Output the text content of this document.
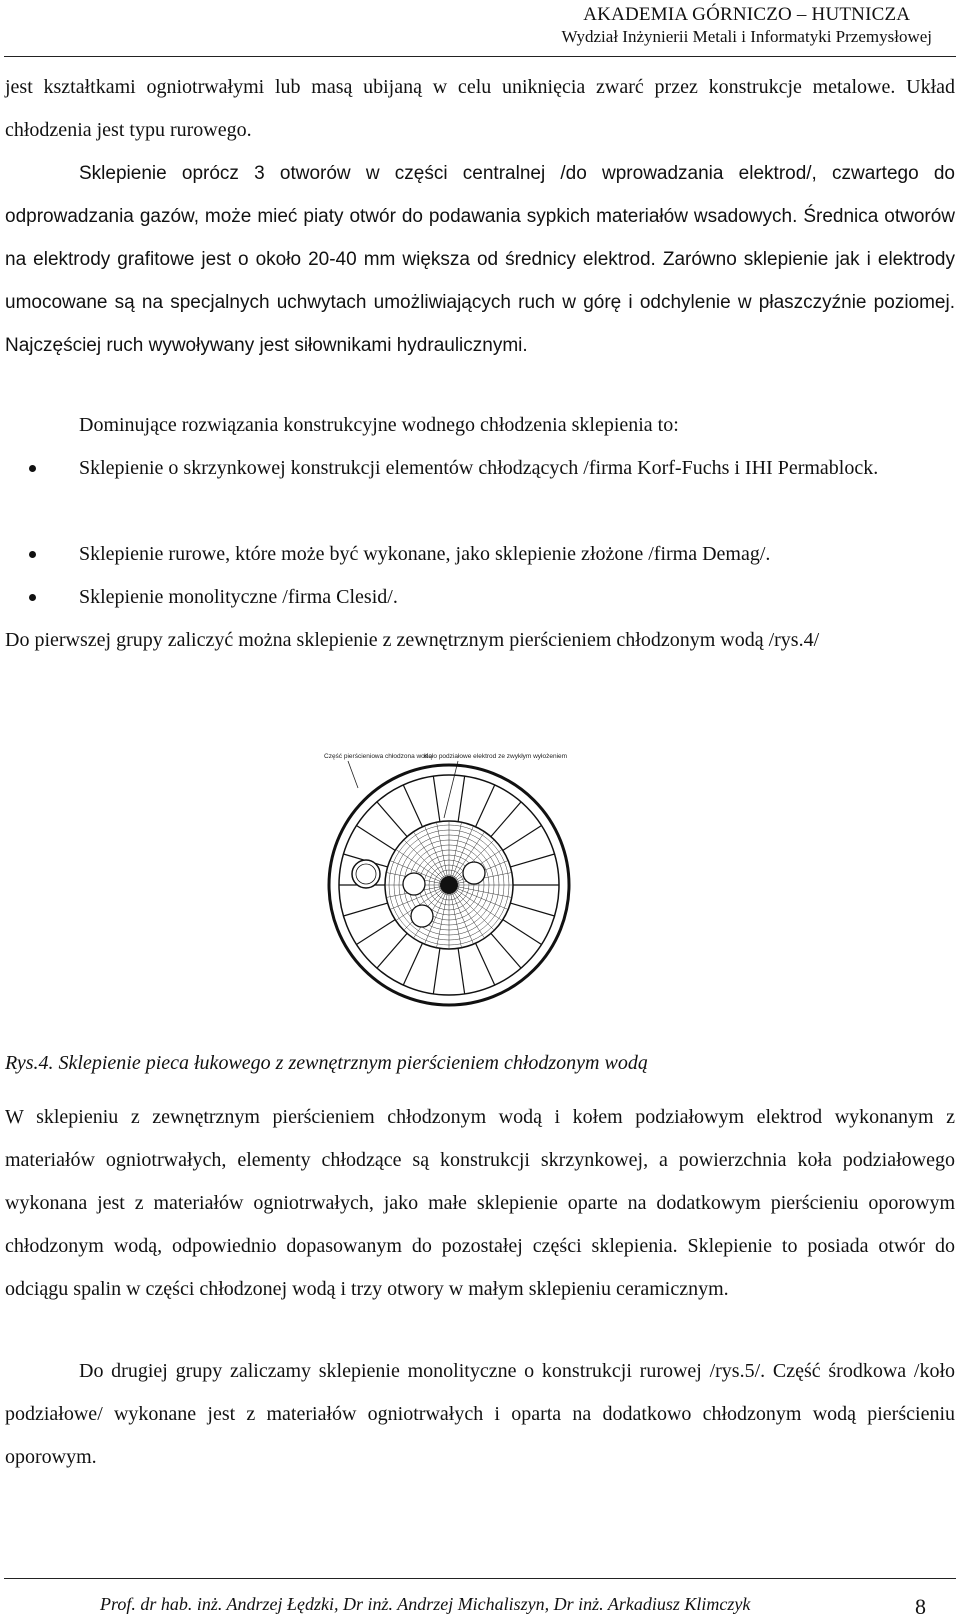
AKADEMIA GÓRNICZO – HUTNICZA
Wydział Inżynierii Metali i Informatyki Przemysłowej

jest kształtkami ogniotrwałymi lub masą ubijaną w celu uniknięcia zwarć przez konstrukcje metalowe. Układ chłodzenia jest typu rurowego.

Sklepienie oprócz 3 otworów w części centralnej /do wprowadzania elektrod/, czwartego do odprowadzania gazów, może mieć piaty otwór do podawania sypkich materiałów wsadowych. Średnica otworów na elektrody grafitowe jest o około 20-40 mm większa od średnicy elektrod. Zarówno sklepienie jak i elektrody umocowane są na specjalnych uchwytach umożliwiających ruch w górę i odchylenie w płaszczyźnie poziomej. Najczęściej ruch wywoływany jest siłownikami hydraulicznymi.

Dominujące rozwiązania konstrukcyjne wodnego chłodzenia sklepienia to:

Sklepienie o skrzynkowej konstrukcji elementów chłodzących /firma Korf-Fuchs i IHI Permablock.
Sklepienie rurowe, które może być wykonane, jako sklepienie złożone /firma Demag/.
Sklepienie monolityczne /firma Clesid/.

Do pierwszej grupy zaliczyć można sklepienie z zewnętrznym pierścieniem chłodzonym wodą /rys.4/

Część pierścieniowa chłodzona wodą
Koło podziałowe elektrod ze zwykłym wyłożeniem
Rys.4. Sklepienie pieca łukowego z zewnętrznym pierścieniem chłodzonym wodą

W sklepieniu z zewnętrznym pierścieniem chłodzonym wodą i kołem podziałowym elektrod wykonanym z materiałów ogniotrwałych, elementy chłodzące są konstrukcji skrzynkowej, a powierzchnia koła podziałowego wykonana jest z materiałów ogniotrwałych, jako małe sklepienie oparte na dodatkowym pierścieniu oporowym chłodzonym wodą, odpowiednio dopasowanym do pozostałej części sklepienia. Sklepienie to posiada otwór do odciągu spalin w części chłodzonej wodą i trzy otwory w małym sklepieniu ceramicznym.

Do drugiej grupy zaliczamy sklepienie monolityczne o konstrukcji rurowej /rys.5/. Część środkowa /koło podziałowe/ wykonane jest z materiałów ogniotrwałych i oparta na dodatkowo chłodzonym wodą pierścieniu oporowym.

Prof. dr hab. inż. Andrzej Łędzki, Dr inż. Andrzej Michaliszyn, Dr inż. Arkadiusz Klimczyk	8
